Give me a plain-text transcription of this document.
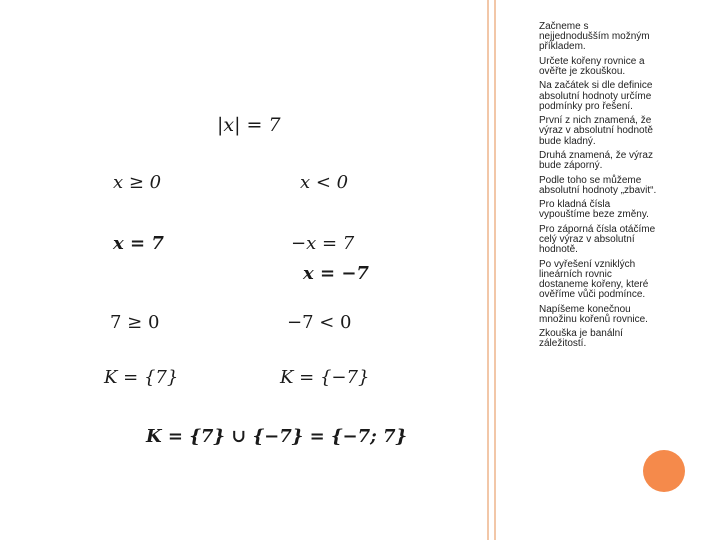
|x| = 7
x ≥ 0	x < 0
x = 7	−x = 7
x = −7
7 ≥ 0	−7 < 0
K = {7}	K = {−7}
K = {7} ∪ {−7} = {−7; 7}

Začneme s nejjednodušším možným příkladem.

Určete kořeny rovnice a ověřte je zkouškou.

Na začátek si dle definice absolutní hodnoty určíme podmínky pro řešení.

První z nich znamená, že výraz v absolutní hodnotě bude kladný.

Druhá znamená, že výraz bude záporný.

Podle toho se můžeme absolutní hodnoty „zbavit“.

Pro kladná čísla vypouštíme beze změny.

Pro záporná čísla otáčíme celý výraz v absolutní hodnotě.

Po vyřešení vzniklých lineárních rovnic dostaneme kořeny, které ověříme vůči podmínce.

Napíšeme konečnou množinu kořenů rovnice.

Zkouška je banální záležitostí.
